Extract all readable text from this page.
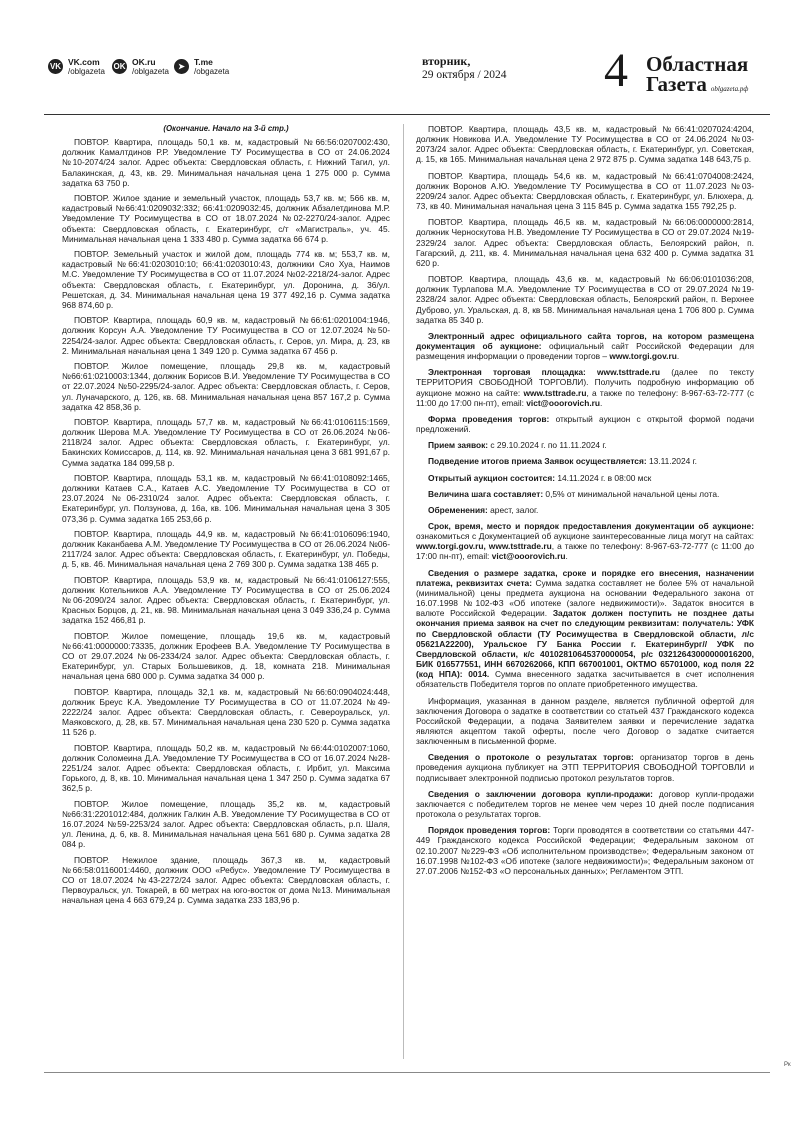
VK VK.com
/oblgazeta
OK OK.ru
/oblgazeta
➤	T.me
/obgazeta
вторник,
29 октября / 2024 4 Областная
Газета oblgazeta.рф
(Окончание. Начало на 3-й стр.)

ПОВТОР. Квартира, площадь 50,1 кв. м, кадастровый №66:56:0207002:430, должник Камалтдинов Р.Р. Уведомление ТУ Росимущества в СО от 24.06.2024 №10-2074/24 залог. Адрес объекта: Свердловская область, г. Нижний Тагил, ул. Балакинская, д. 43, кв. 29. Минимальная начальная цена 1 275 000 р. Сумма задатка 63 750 р.

ПОВТОР. Жилое здание и земельный участок, площадь 53,7 кв. м; 566 кв. м, кадастровый №66:41:0209032:332; 66:41:0209032:45, должник Абзалетдинова М.Р. Уведомление ТУ Росимущества в СО от 18.07.2024 №02-2270/24-залог. Адрес объекта: Свердловская область, г. Екатеринбург, с/т «Магистраль», уч. 45. Минимальная начальная цена 1 333 480 р. Сумма задатка 66 674 р.

ПОВТОР. Земельный участок и жилой дом, площадь 774 кв. м; 553,7 кв. м, кадастровый №66:41:0203010:10; 66:41:0203010:43, должники Сяо Хуа, Наимов М.С. Уведомление ТУ Росимущества в СО от 11.07.2024 №02-2218/24-залог. Адрес объекта: Свердловская область, г. Екатеринбург, ул. Доронина, д. 36/ул. Решетская, д. 34. Минимальная начальная цена 19 377 492,16 р. Сумма задатка 968 874,60 р.

ПОВТОР. Квартира, площадь 60,9 кв. м, кадастровый №66:61:0201004:1946, должник Корсун А.А. Уведомление ТУ Росимущества в СО от 12.07.2024 №50-2254/24-залог. Адрес объекта: Свердловская область, г. Серов, ул. Мира, д. 23, кв 2. Минимальная начальная цена 1 349 120 р. Сумма задатка 67 456 р.

ПОВТОР. Жилое помещение, площадь 29,8 кв. м, кадастровый №66:61:0210003:1344, должник Борисов В.И. Уведомление ТУ Росимущества в СО от 22.07.2024 №50-2295/24-залог. Адрес объекта: Свердловская область, г. Серов, ул. Луначарского, д. 126, кв. 68. Минимальная начальная цена 857 167,2 р. Сумма задатка 42 858,36 р.

ПОВТОР. Квартира, площадь 57,7 кв. м, кадастровый №66:41:0106115:1569, должник Шерова М.А. Уведомление ТУ Росимущества в СО от 26.06.2024 №06-2118/24 залог. Адрес объекта: Свердловская область, г. Екатеринбург, ул. Бакинских Комиссаров, д. 114, кв. 92. Минимальная начальная цена 3 681 991,67 р. Сумма задатка 184 099,58 р.

ПОВТОР. Квартира, площадь 53,1 кв. м, кадастровый №66:41:0108092:1465, должники Катаев С.А., Катаев А.С. Уведомление ТУ Росимущества в СО от 23.07.2024 №06-2310/24 залог. Адрес объекта: Свердловская область, г. Екатеринбург, ул. Ползунова, д. 16а, кв. 106. Минимальная начальная цена 3 305 073,36 р. Сумма задатка 165 253,66 р.

ПОВТОР. Квартира, площадь 44,9 кв. м, кадастровый №66:41:0106096:1940, должник Каканбаева А.М. Уведомление ТУ Росимущества в СО от 26.06.2024 №06-2117/24 залог. Адрес объекта: Свердловская область, г. Екатеринбург, ул. Победы, д. 5, кв. 46. Минимальная начальная цена 2 769 300 р. Сумма задатка 138 465 р.

ПОВТОР. Квартира, площадь 53,9 кв. м, кадастровый №66:41:0106127:555, должник Котельников А.А. Уведомление ТУ Росимущества в СО от 25.06.2024 №06-2090/24 залог. Адрес объекта: Свердловская область, г. Екатеринбург, ул. Красных Борцов, д. 21, кв. 98. Минимальная начальная цена 3 049 336,24 р. Сумма задатка 152 466,81 р.

ПОВТОР. Жилое помещение, площадь 19,6 кв. м, кадастровый №66:41:0000000:73335, должник Ерофеев В.А. Уведомление ТУ Росимущества в СО от 29.07.2024 №06-2334/24 залог. Адрес объекта: Свердловская область, г. Екатеринбург, ул. Старых Большевиков, д. 18, комната 218. Минимальная начальная цена 680 000 р. Сумма задатка 34 000 р.

ПОВТОР. Квартира, площадь 32,1 кв. м, кадастровый №66:60:0904024:448, должник Бреус К.А. Уведомление ТУ Росимущества в СО от 11.07.2024 №49-2222/24 залог. Адрес объекта: Свердловская область, г. Североуральск, ул. Маяковского, д. 28, кв. 57. Минимальная начальная цена 230 520 р. Сумма задатка 11 526 р.

ПОВТОР. Квартира, площадь 50,2 кв. м, кадастровый №66:44:0102007:1060, должник Соломеина Д.А. Уведомление ТУ Росимущества в СО от 16.07.2024 №28-2251/24 залог. Адрес объекта: Свердловская область, г. Ирбит, ул. Максима Горького, д. 8, кв. 10. Минимальная начальная цена 1 347 250 р. Сумма задатка 67 362,5 р.

ПОВТОР. Жилое помещение, площадь 35,2 кв. м, кадастровый №66:31:2201012:484, должник Галкин А.В. Уведомление ТУ Росимущества в СО от 16.07.2024 №59-2253/24 залог. Адрес объекта: Свердловская область, р.п. Шаля, ул. Ленина, д. 6, кв. 8. Минимальная начальная цена 561 680 р. Сумма задатка 28 084 р.

ПОВТОР. Нежилое здание, площадь 367,3 кв. м, кадастровый №66:58:0116001:4460, должник ООО «Ребус». Уведомление ТУ Росимущества в СО от 18.07.2024 №43-2272/24 залог. Адрес объекта: Свердловская область, г. Первоуральск, ул. Токарей, в 60 метрах на юго-восток от дома №13. Минимальная начальная цена 4 663 679,24 р. Сумма задатка 233 183,96 р.

ПОВТОР. Квартира, площадь 43,5 кв. м, кадастровый №66:41:0207024:4204, должник Новикова И.А. Уведомление ТУ Росимущества в СО от 24.06.2024 №03-2073/24 залог. Адрес объекта: Свердловская область, г. Екатеринбург, ул. Советская, д. 15, кв 165. Минимальная начальная цена 2 972 875 р. Сумма задатка 148 643,75 р.

ПОВТОР. Квартира, площадь 54,6 кв. м, кадастровый №66:41:0704008:2424, должник Воронов А.Ю. Уведомление ТУ Росимущества в СО от 11.07.2023 №03-2209/24 залог. Адрес объекта: Свердловская область, г. Екатеринбург, ул. Блюхера, д. 73, кв 40. Минимальная начальная цена 3 115 845 р. Сумма задатка 155 792,25 р.

ПОВТОР. Квартира, площадь 46,5 кв. м, кадастровый №66:06:0000000:2814, должник Черноскутова Н.В. Уведомление ТУ Росимущества в СО от 29.07.2024 №19-2329/24 залог. Адрес объекта: Свердловская область, Белоярский район, п. Гагарский, д. 211, кв. 4. Минимальная начальная цена 632 400 р. Сумма задатка 31 620 р.

ПОВТОР. Квартира, площадь 43,6 кв. м, кадастровый №66:06:0101036:208, должник Турлапова М.А. Уведомление ТУ Росимущества в СО от 29.07.2024 №19-2328/24 залог. Адрес объекта: Свердловская область, Белоярский район, п. Верхнее Дуброво, ул. Уральская, д. 8, кв 58. Минимальная начальная цена 1 706 800 р. Сумма задатка 85 340 р.

Электронный адрес официального сайта торгов, на котором размещена документация об аукционе: официальный сайт Российской Федерации для размещения информации о проведении торгов – www.torgi.gov.ru.

Электронная торговая площадка: www.tsttrade.ru (далее по тексту ТЕРРИТОРИЯ СВОБОДНОЙ ТОРГОВЛИ). Получить подробную информацию об аукционе можно на сайте: www.tsttrade.ru, а также по телефону: 8-967-63-72-777 (с 11:00 до 17:00 пн-пт), email: vict@ooorovich.ru.

Форма проведения торгов: открытый аукцион с открытой формой подачи предложений.

Прием заявок: с 29.10.2024 г. по 11.11.2024 г.

Подведение итогов приема Заявок осуществляется: 13.11.2024 г.

Открытый аукцион состоится: 14.11.2024 г. в 08:00 мск

Величина шага составляет: 0,5% от минимальной начальной цены лота.

Обременения: арест, залог.

Срок, время, место и порядок предоставления документации об аукционе: ознакомиться с Документацией об аукционе заинтересованные лица могут на сайтах: www.torgi.gov.ru, www.tsttrade.ru, а также по телефону: 8-967-63-72-777 (с 11:00 до 17:00 пн-пт), email: vict@ooorovich.ru.

Сведения о размере задатка, сроке и порядке его внесения, назначении платежа, реквизитах счета: Сумма задатка составляет не более 5% от начальной (минимальной) цены предмета аукциона на основании Федерального закона от 16.07.1998 №102-ФЗ «Об ипотеке (залоге недвижимости)». Задаток вносится в валюте Российской Федерации. Задаток должен поступить не позднее даты окончания приема заявок на счет по следующим реквизитам: получатель: УФК по Свердловской области (ТУ Росимущества в Свердловской области, л/с 05621А22200), Уральское ГУ Банка России г. Екатеринбург// УФК по Свердловской области, к/с 40102810645370000054, р/с 03212643000000016200, БИК 016577551, ИНН 6670262066, КПП 667001001, ОКТМО 65701000, код поля 22 (код НПА): 0014. Сумма внесенного задатка засчитывается в счет исполнения обязательств Победителя торгов по оплате приобретенного имущества.

Информация, указанная в данном разделе, является публичной офертой для заключения Договора о задатке в соответствии со статьей 437 Гражданского кодекса Российской Федерации, а подача Заявителем заявки и перечисление задатка являются акцептом такой оферты, после чего Договор о задатке считается заключенным в письменной форме.

Сведения о протоколе о результатах торгов: организатор торгов в день проведения аукциона публикует на ЭТП ТЕРРИТОРИЯ СВОБОДНОЙ ТОРГОВЛИ и подписывает электронной подписью протокол результатов торгов.

Сведения о заключении договора купли-продажи: договор купли-продажи заключается с победителем торгов не менее чем через 10 дней после подписания протокола о результатах торгов.

Порядок проведения торгов: Торги проводятся в соответствии со статьями 447-449 Гражданского кодекса Российской Федерации; Федеральным законом от 02.10.2007 №229-ФЗ «Об исполнительном производстве»; Федеральным законом от 16.07.1998 №102-ФЗ «Об ипотеке (залоге недвижимости)»; Федеральным законом от 27.07.2006 №152-ФЗ «О персональных данных»; Регламентом ЭТП.

Рк
